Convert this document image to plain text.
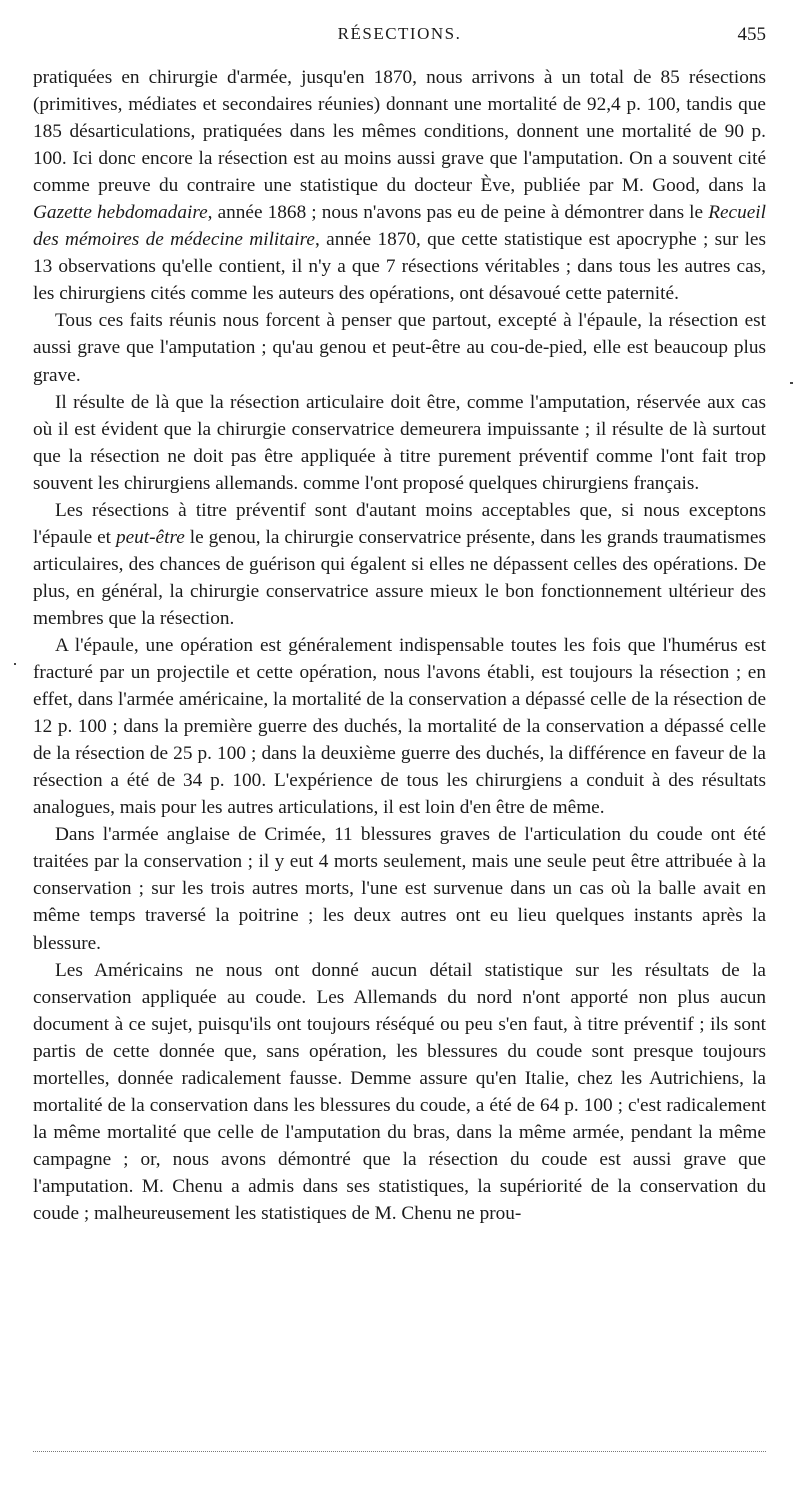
RÉSECTIONS.	455

pratiquées en chirurgie d'armée, jusqu'en 1870, nous arrivons à un total de 85 résections (primitives, médiates et secondaires réunies) donnant une mortalité de 92,4 p. 100, tandis que 185 désarticulations, pratiquées dans les mêmes conditions, donnent une mortalité de 90 p. 100. Ici donc encore la résection est au moins aussi grave que l'amputation. On a souvent cité comme preuve du contraire une statistique du docteur Ève, publiée par M. Good, dans la Gazette hebdomadaire, année 1868 ; nous n'avons pas eu de peine à démontrer dans le Recueil des mémoires de médecine militaire, année 1870, que cette statistique est apocryphe ; sur les 13 observations qu'elle contient, il n'y a que 7 résections véritables ; dans tous les autres cas, les chirurgiens cités comme les auteurs des opérations, ont désavoué cette paternité.

Tous ces faits réunis nous forcent à penser que partout, excepté à l'épaule, la résection est aussi grave que l'amputation ; qu'au genou et peut-être au cou-de-pied, elle est beaucoup plus grave.

Il résulte de là que la résection articulaire doit être, comme l'amputation, réservée aux cas où il est évident que la chirurgie conservatrice demeurera impuissante ; il résulte de là surtout que la résection ne doit pas être appliquée à titre purement préventif comme l'ont fait trop souvent les chirurgiens allemands. comme l'ont proposé quelques chirurgiens français.

Les résections à titre préventif sont d'autant moins acceptables que, si nous exceptons l'épaule et peut-être le genou, la chirurgie conservatrice présente, dans les grands traumatismes articulaires, des chances de guérison qui égalent si elles ne dépassent celles des opérations. De plus, en général, la chirurgie conservatrice assure mieux le bon fonctionnement ultérieur des membres que la résection.

A l'épaule, une opération est généralement indispensable toutes les fois que l'humérus est fracturé par un projectile et cette opération, nous l'avons établi, est toujours la résection ; en effet, dans l'armée américaine, la mortalité de la conservation a dépassé celle de la résection de 12 p. 100 ; dans la première guerre des duchés, la mortalité de la conservation a dépassé celle de la résection de 25 p. 100 ; dans la deuxième guerre des duchés, la différence en faveur de la résection a été de 34 p. 100. L'expérience de tous les chirurgiens a conduit à des résultats analogues, mais pour les autres articulations, il est loin d'en être de même.

Dans l'armée anglaise de Crimée, 11 blessures graves de l'articulation du coude ont été traitées par la conservation ; il y eut 4 morts seulement, mais une seule peut être attribuée à la conservation ; sur les trois autres morts, l'une est survenue dans un cas où la balle avait en même temps traversé la poitrine ; les deux autres ont eu lieu quelques instants après la blessure.

Les Américains ne nous ont donné aucun détail statistique sur les résultats de la conservation appliquée au coude. Les Allemands du nord n'ont apporté non plus aucun document à ce sujet, puisqu'ils ont toujours réséqué ou peu s'en faut, à titre préventif ; ils sont partis de cette donnée que, sans opération, les blessures du coude sont presque toujours mortelles, donnée radicalement fausse. Demme assure qu'en Italie, chez les Autrichiens, la mortalité de la conservation dans les blessures du coude, a été de 64 p. 100 ; c'est radicalement la même mortalité que celle de l'amputation du bras, dans la même armée, pendant la même campagne ; or, nous avons démontré que la résection du coude est aussi grave que l'amputation. M. Chenu a admis dans ses statistiques, la supériorité de la conservation du coude ; malheureusement les statistiques de M. Chenu ne prou-
